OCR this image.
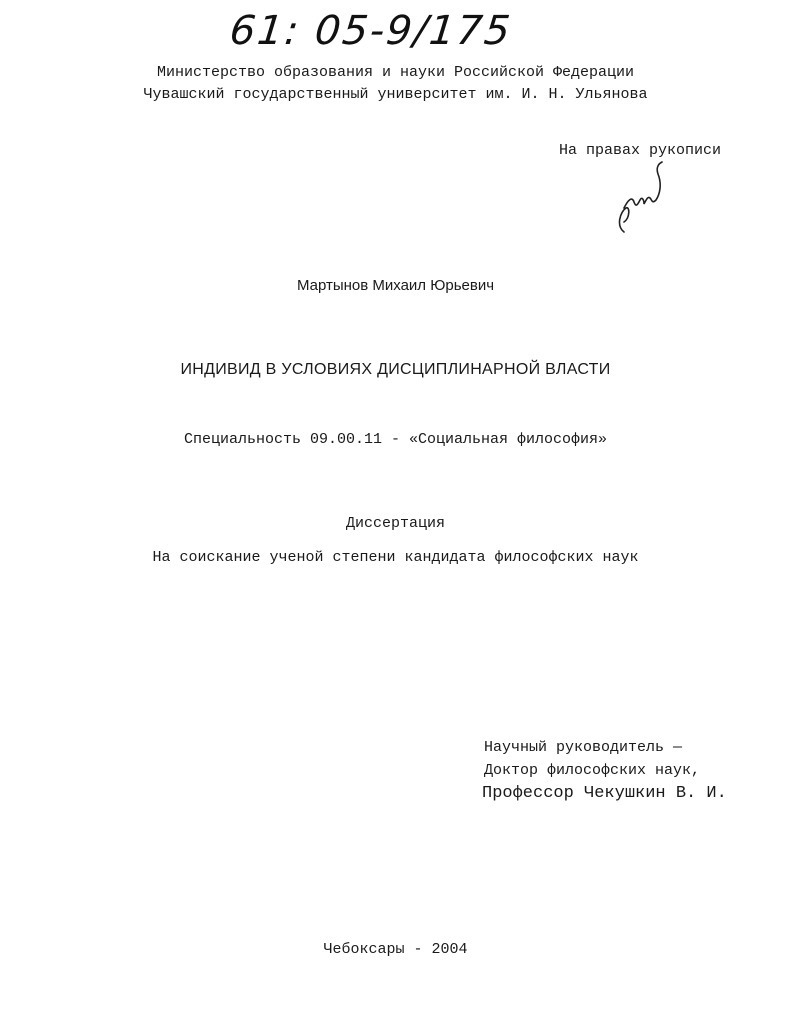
61: 05-9/175
Министерство образования и науки Российской Федерации
Чувашский государственный университет им. И. Н. Ульянова
На правах рукописи
Мартынов Михаил Юрьевич
ИНДИВИД В УСЛОВИЯХ ДИСЦИПЛИНАРНОЙ ВЛАСТИ
Специальность 09.00.11 - «Социальная философия»
Диссертация
На соискание ученой степени кандидата философских наук
Научный руководитель —
Доктор философских наук,
Профессор Чекушкин В. И.
Чебоксары - 2004
